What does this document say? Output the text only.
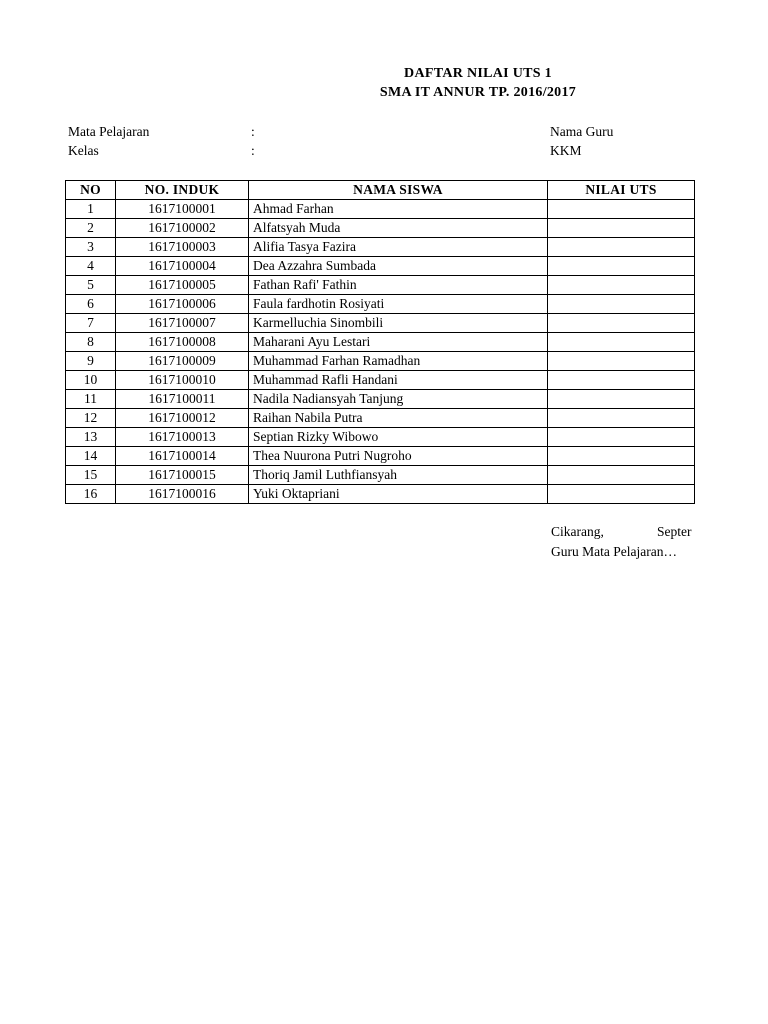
DAFTAR NILAI UTS 1
SMA IT ANNUR TP. 2016/2017
Mata Pelajaran	:
Kelas	:
Nama Guru
KKM
NO	NO. INDUK	NAMA SISWA	NILAI UTS
1	1617100001	Ahmad Farhan	
2	1617100002	Alfatsyah Muda	
3	1617100003	Alifia Tasya Fazira	
4	1617100004	Dea Azzahra Sumbada	
5	1617100005	Fathan Rafi' Fathin	
6	1617100006	Faula fardhotin Rosiyati	
7	1617100007	Karmelluchia Sinombili	
8	1617100008	Maharani Ayu Lestari	
9	1617100009	Muhammad Farhan Ramadhan	
10	1617100010	Muhammad Rafli Handani	
11	1617100011	Nadila Nadiansyah Tanjung	
12	1617100012	Raihan Nabila Putra	
13	1617100013	Septian Rizky Wibowo	
14	1617100014	Thea Nuurona Putri Nugroho	
15	1617100015	Thoriq Jamil Luthfiansyah	
16	1617100016	Yuki Oktapriani	
Cikarang,	Septer
Guru Mata Pelajaran…
